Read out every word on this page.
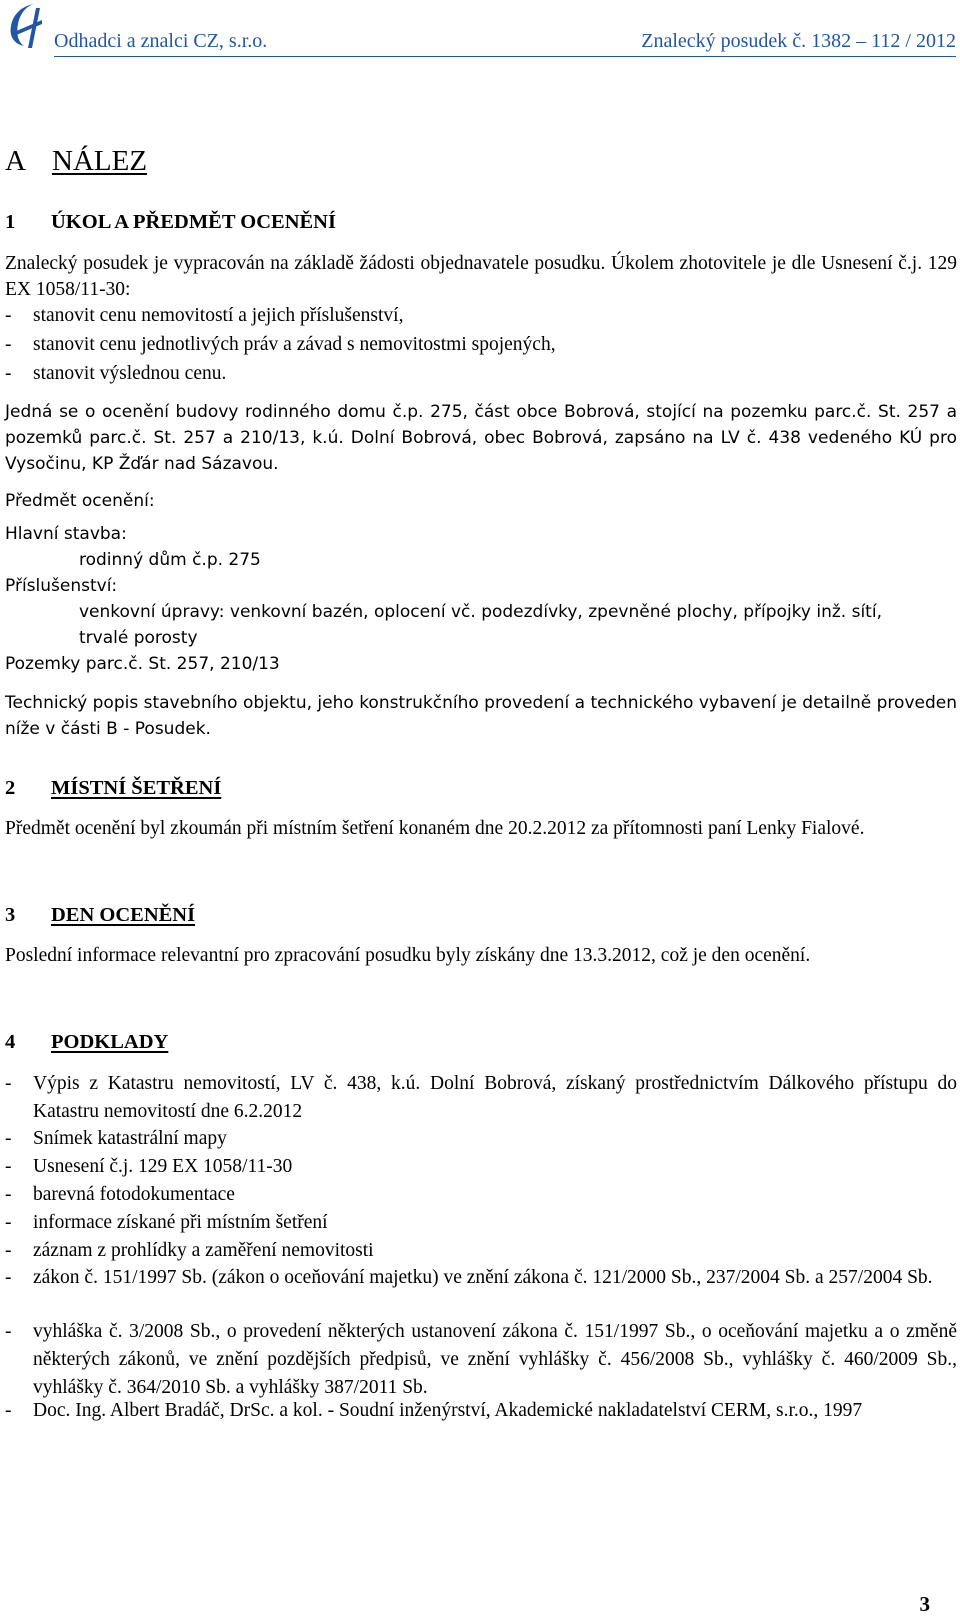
Odhadci a znalci CZ, s.r.o.	Znalecký posudek č. 1382 – 112 / 2012
A NÁLEZ
1 ÚKOL A PŘEDMĚT OCENĚNÍ
Znalecký posudek je vypracován na základě žádosti objednavatele posudku. Úkolem zhotovitele je dle Usnesení č.j. 129 EX 1058/11-30:
- stanovit cenu nemovitostí a jejich příslušenství,
- stanovit cenu jednotlivých práv a závad s nemovitostmi spojených,
- stanovit výslednou cenu.
Jedná se o ocenění budovy rodinného domu č.p. 275, část obce Bobrová, stojící na pozemku parc.č. St. 257 a pozemků parc.č. St. 257 a 210/13, k.ú. Dolní Bobrová, obec Bobrová, zapsáno na LV č. 438 vedeného KÚ pro Vysočinu, KP Žďár nad Sázavou.
Předmět ocenění:
Hlavní stavba:
rodinný dům č.p. 275
Příslušenství:
venkovní úpravy: venkovní bazén, oplocení vč. podezdívky, zpevněné plochy, přípojky inž. sítí, trvalé porosty
Pozemky parc.č. St. 257, 210/13
Technický popis stavebního objektu, jeho konstrukčního provedení a technického vybavení je detailně proveden níže v části B - Posudek.
2 MÍSTNÍ ŠETŘENÍ
Předmět ocenění byl zkoumán při místním šetření konaném dne 20.2.2012 za přítomnosti paní Lenky Fialové.
3 DEN OCENĚNÍ
Poslední informace relevantní pro zpracování posudku byly získány dne 13.3.2012, což je den ocenění.
4 PODKLADY
- Výpis z Katastru nemovitostí, LV č. 438, k.ú. Dolní Bobrová, získaný prostřednictvím Dálkového přístupu do Katastru nemovitostí dne 6.2.2012
- Snímek katastrální mapy
- Usnesení č.j. 129 EX 1058/11-30
- barevná fotodokumentace
- informace získané při místním šetření
- záznam z prohlídky a zaměření nemovitosti
- zákon č. 151/1997 Sb. (zákon o oceňování majetku) ve znění zákona č. 121/2000 Sb., 237/2004 Sb. a 257/2004 Sb.
- vyhláška č. 3/2008 Sb., o provedení některých ustanovení zákona č. 151/1997 Sb., o oceňování majetku a o změně některých zákonů, ve znění pozdějších předpisů, ve znění vyhlášky č. 456/2008 Sb., vyhlášky č. 460/2009 Sb., vyhlášky č. 364/2010 Sb. a vyhlášky 387/2011 Sb.
- Doc. Ing. Albert Bradáč, DrSc. a kol. - Soudní inženýrství, Akademické nakladatelství CERM, s.r.o., 1997
3
